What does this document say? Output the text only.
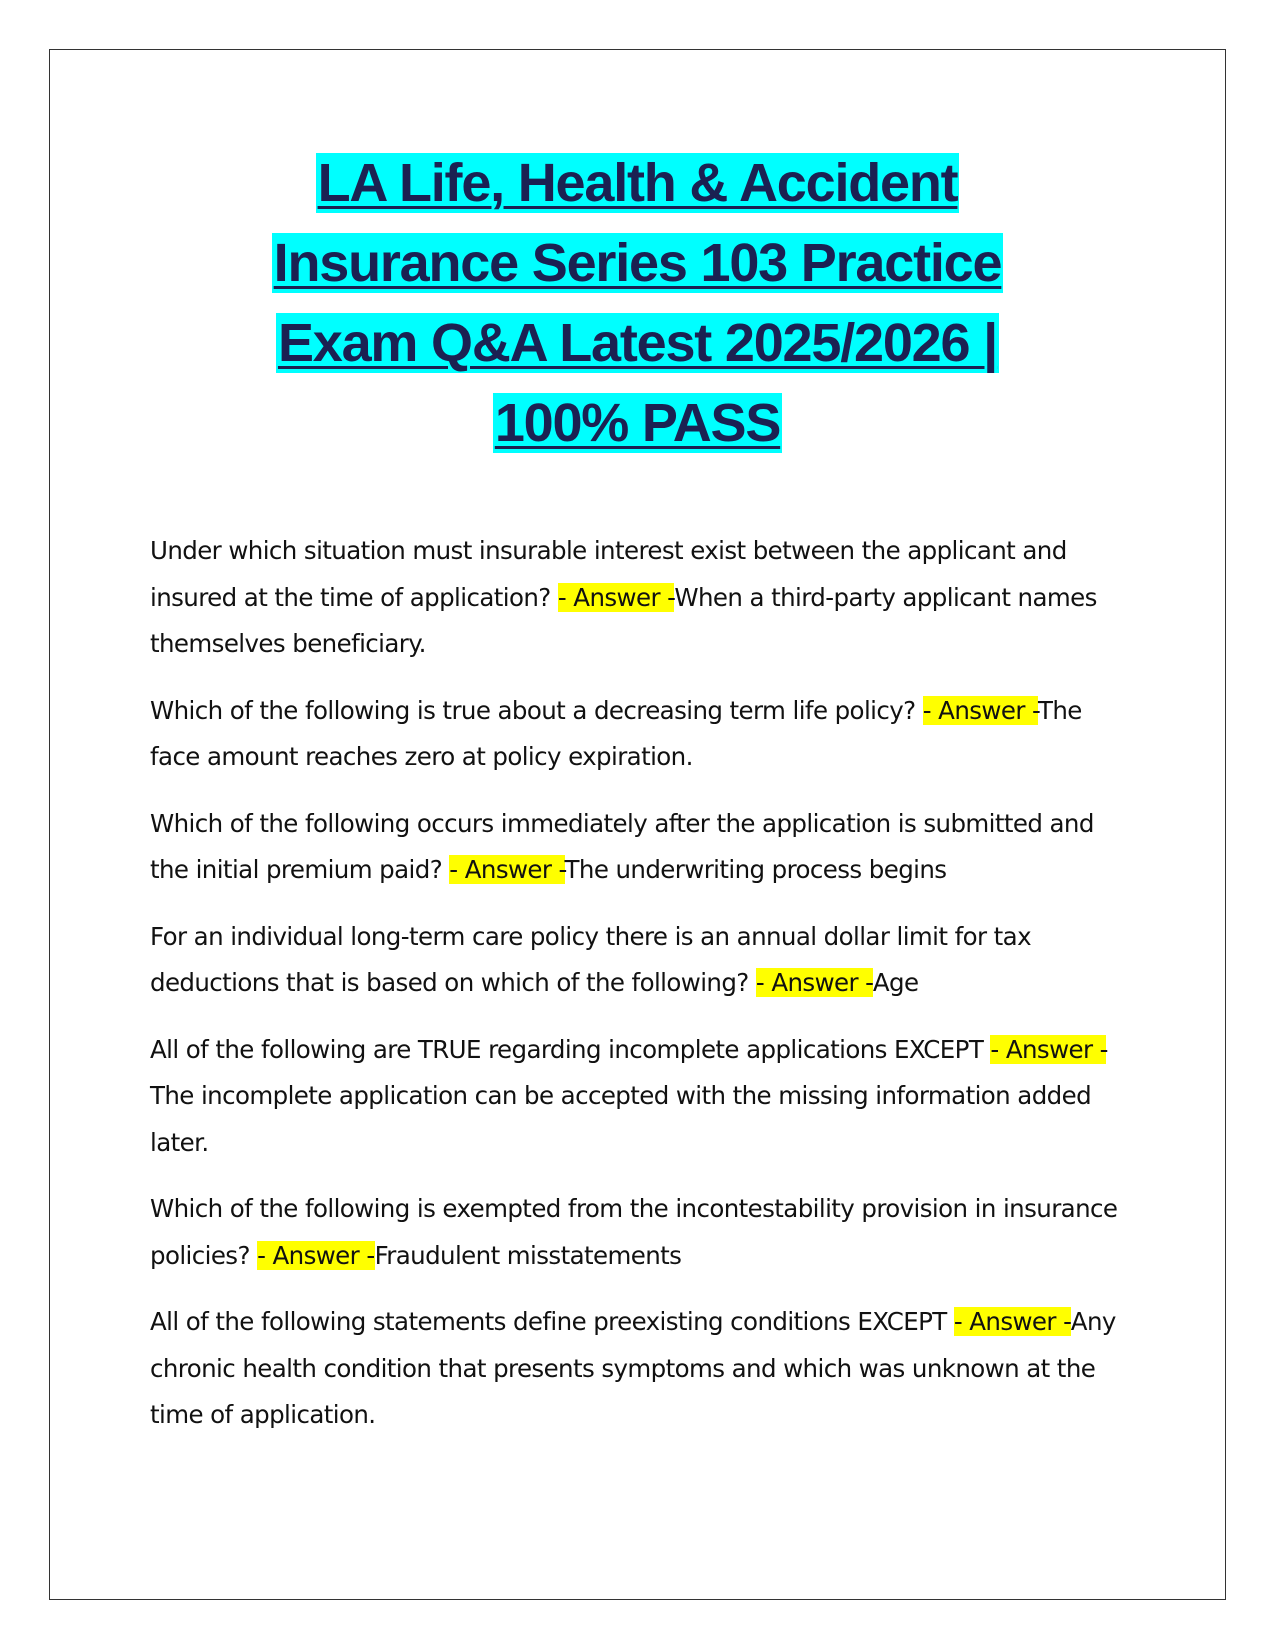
LA Life, Health & Accident
Insurance Series 103 Practice
Exam Q&A Latest 2025/2026 |
100% PASS

Under which situation must insurable interest exist between the applicant and insured at the time of application? - Answer -When a third-party applicant names themselves beneficiary.

Which of the following is true about a decreasing term life policy? - Answer -The face amount reaches zero at policy expiration.

Which of the following occurs immediately after the application is submitted and the initial premium paid? - Answer -The underwriting process begins

For an individual long-term care policy there is an annual dollar limit for tax deductions that is based on which of the following? - Answer -Age

All of the following are TRUE regarding incomplete applications EXCEPT - Answer -The incomplete application can be accepted with the missing information added later.

Which of the following is exempted from the incontestability provision in insurance policies? - Answer -Fraudulent misstatements

All of the following statements define preexisting conditions EXCEPT - Answer -Any chronic health condition that presents symptoms and which was unknown at the time of application.
